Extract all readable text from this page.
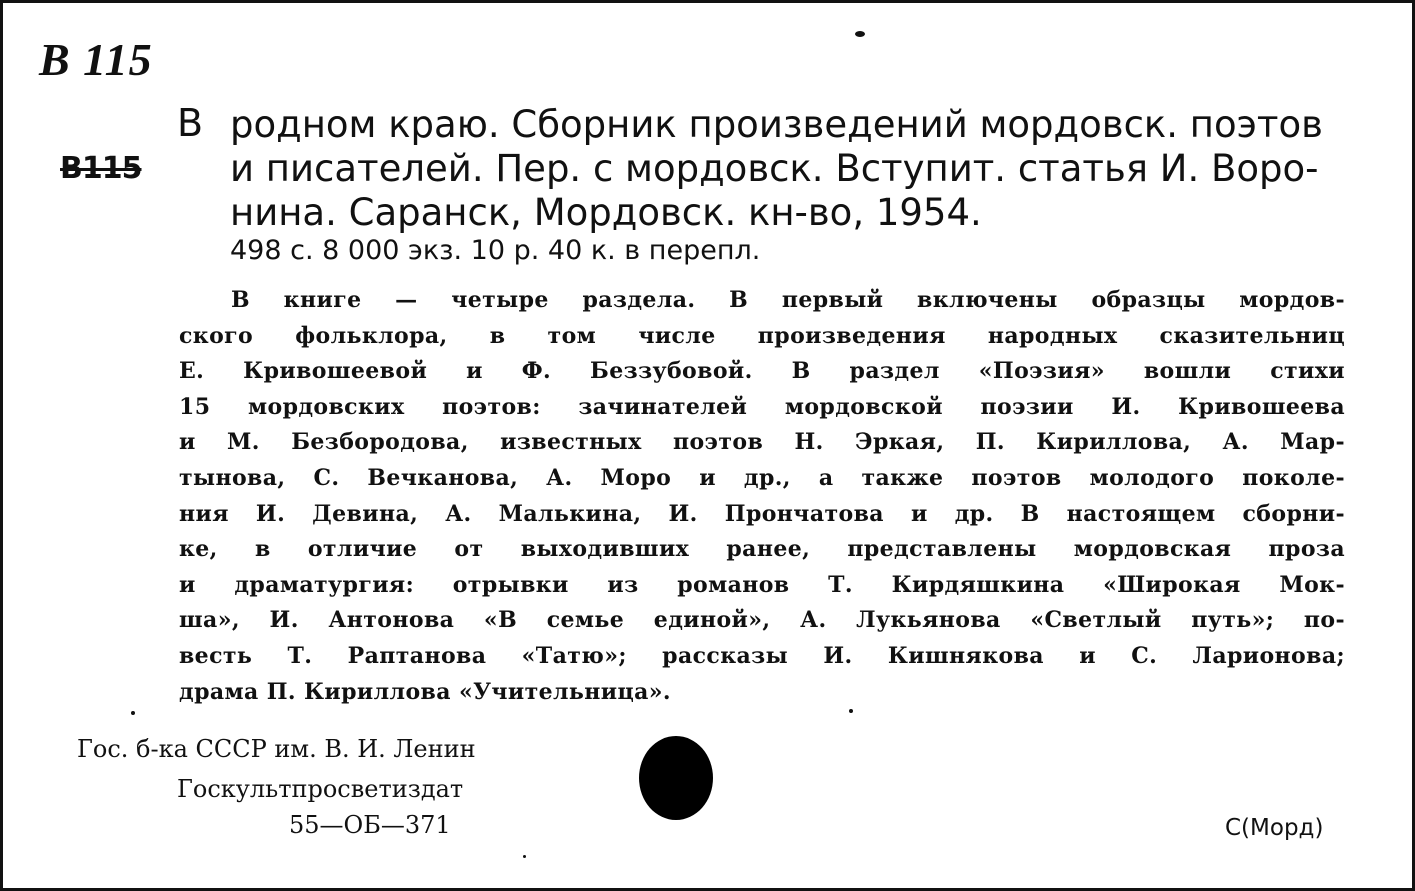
В 115
В115
В родном краю. Сборник произведений мордовск. поэтов
и писателей. Пер. с мордовск. Вступит. статья И. Воро-
нина. Саранск, Мордовск. кн-во, 1954.
498 с. 8 000 экз. 10 р. 40 к. в перепл.
В книге — четыре раздела. В первый включены образцы мордов-
ского фольклора, в том числе произведения народных сказительниц
Е. Кривошеевой и Ф. Беззубовой. В раздел «Поэзия» вошли стихи
15 мордовских поэтов: зачинателей мордовской поэзии И. Кривошеева
и М. Безбородова, известных поэтов Н. Эркая, П. Кириллова, А. Мар-
тынова, С. Вечканова, А. Моро и др., а также поэтов молодого поколе-
ния И. Девина, А. Малькина, И. Прончатова и др. В настоящем сборни-
ке, в отличие от выходивших ранее, представлены мордовская проза
и драматургия: отрывки из романов Т. Кирдяшкина «Широкая Мок-
ша», И. Антонова «В семье единой», А. Лукьянова «Светлый путь»; по-
весть Т. Раптанова «Татю»; рассказы И. Кишнякова и С. Ларионова;
драма П. Кириллова «Учительница».
Гос. б-ка СССР им. В. И. Ленин
Госкультпросветиздат
55—ОБ—371	С(Морд)
